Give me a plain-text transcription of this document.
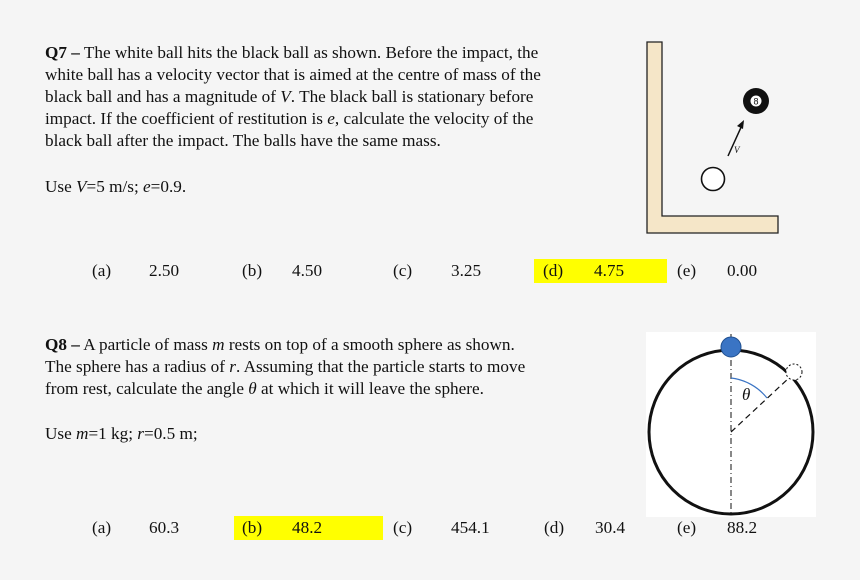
Q7 – The white ball hits the black ball as shown. Before the impact, the
white ball has a velocity vector that is aimed at the centre of mass of the
black ball and has a magnitude of V. The black ball is stationary before
impact. If the coefficient of restitution is e, calculate the velocity of the
black ball after the impact. The balls have the same mass.
Use V=5 m/s; e=0.9.
8
V
(a) 2.50	(b) 4.50	(c) 3.25	(d) 4.75	(e) 0.00
Q8 – A particle of mass m rests on top of a smooth sphere as shown.
The sphere has a radius of r. Assuming that the particle starts to move
from rest, calculate the angle θ at which it will leave the sphere.
Use m=1 kg; r=0.5 m;
θ
(a) 60.3	(b) 48.2	(c) 454.1	(d) 30.4	(e) 88.2
